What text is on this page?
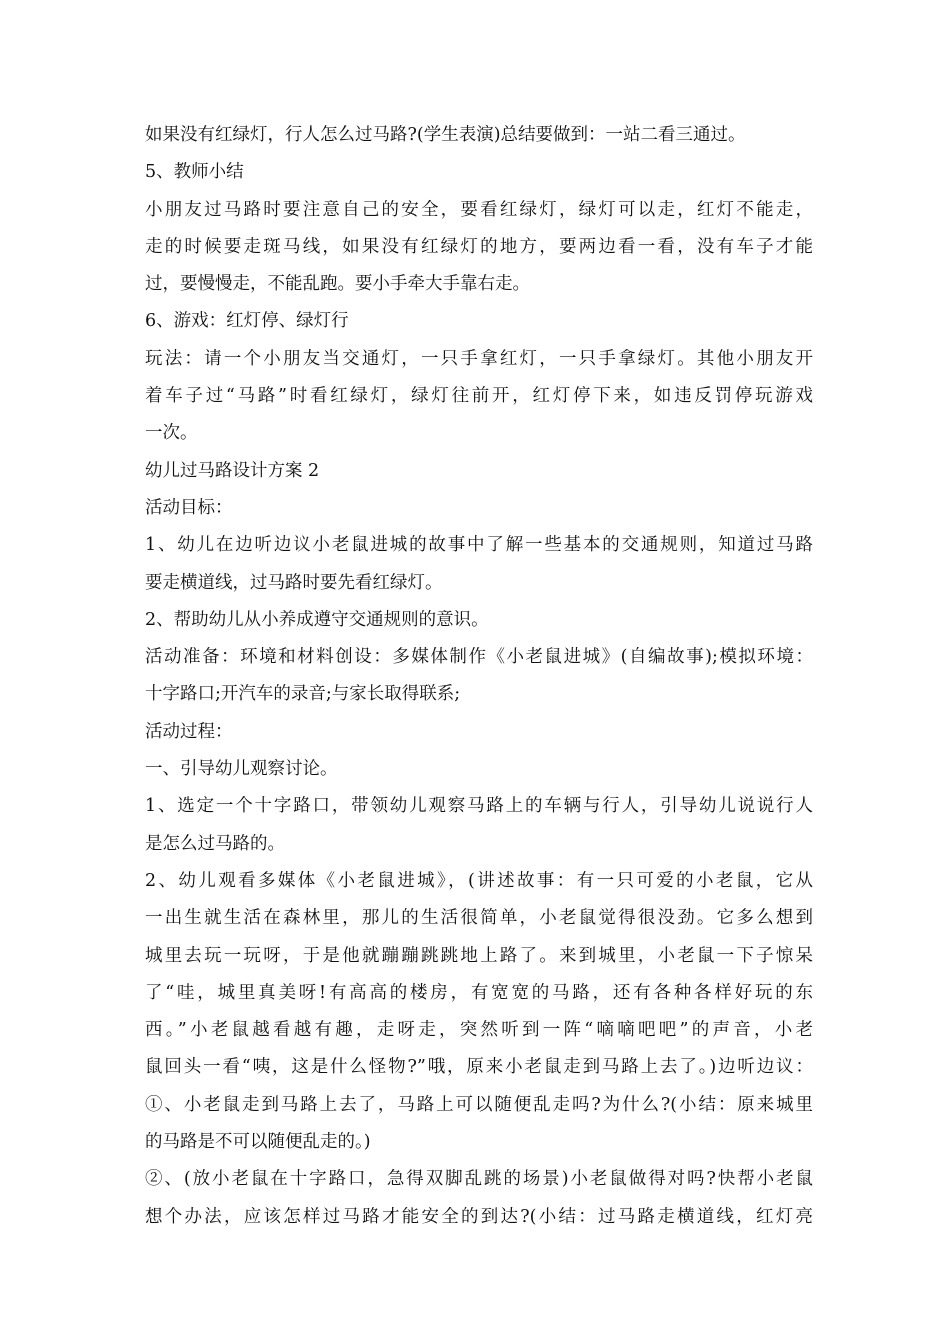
如果没有红绿灯，行人怎么过马路?(学生表演)总结要做到：一站二看三通过。
5、教师小结
小朋友过马路时要注意自己的安全，要看红绿灯，绿灯可以走，红灯不能走，
走的时候要走斑马线，如果没有红绿灯的地方，要两边看一看，没有车子才能
过，要慢慢走，不能乱跑。要小手牵大手靠右走。
6、游戏：红灯停、绿灯行
玩法：请一个小朋友当交通灯，一只手拿红灯，一只手拿绿灯。其他小朋友开
着车子过“马路”时看红绿灯，绿灯往前开，红灯停下来，如违反罚停玩游戏
一次。
幼儿过马路设计方案 2
活动目标：
1、幼儿在边听边议小老鼠进城的故事中了解一些基本的交通规则，知道过马路
要走横道线，过马路时要先看红绿灯。
2、帮助幼儿从小养成遵守交通规则的意识。
活动准备：环境和材料创设：多媒体制作《小老鼠进城》(自编故事);模拟环境：
十字路口;开汽车的录音;与家长取得联系;
活动过程：
一、引导幼儿观察讨论。
1、选定一个十字路口，带领幼儿观察马路上的车辆与行人，引导幼儿说说行人
是怎么过马路的。
2、幼儿观看多媒体《小老鼠进城》，(讲述故事：有一只可爱的小老鼠，它从
一出生就生活在森林里，那儿的生活很简单，小老鼠觉得很没劲。它多么想到
城里去玩一玩呀，于是他就蹦蹦跳跳地上路了。来到城里，小老鼠一下子惊呆
了“哇，城里真美呀!有高高的楼房，有宽宽的马路，还有各种各样好玩的东
西。”小老鼠越看越有趣，走呀走，突然听到一阵“嘀嘀吧吧”的声音，小老
鼠回头一看“咦，这是什么怪物?”哦，原来小老鼠走到马路上去了。)边听边议：
①、小老鼠走到马路上去了，马路上可以随便乱走吗?为什么?(小结：原来城里
的马路是不可以随便乱走的。)
②、(放小老鼠在十字路口，急得双脚乱跳的场景)小老鼠做得对吗?快帮小老鼠
想个办法，应该怎样过马路才能安全的到达?(小结：过马路走横道线，红灯亮
